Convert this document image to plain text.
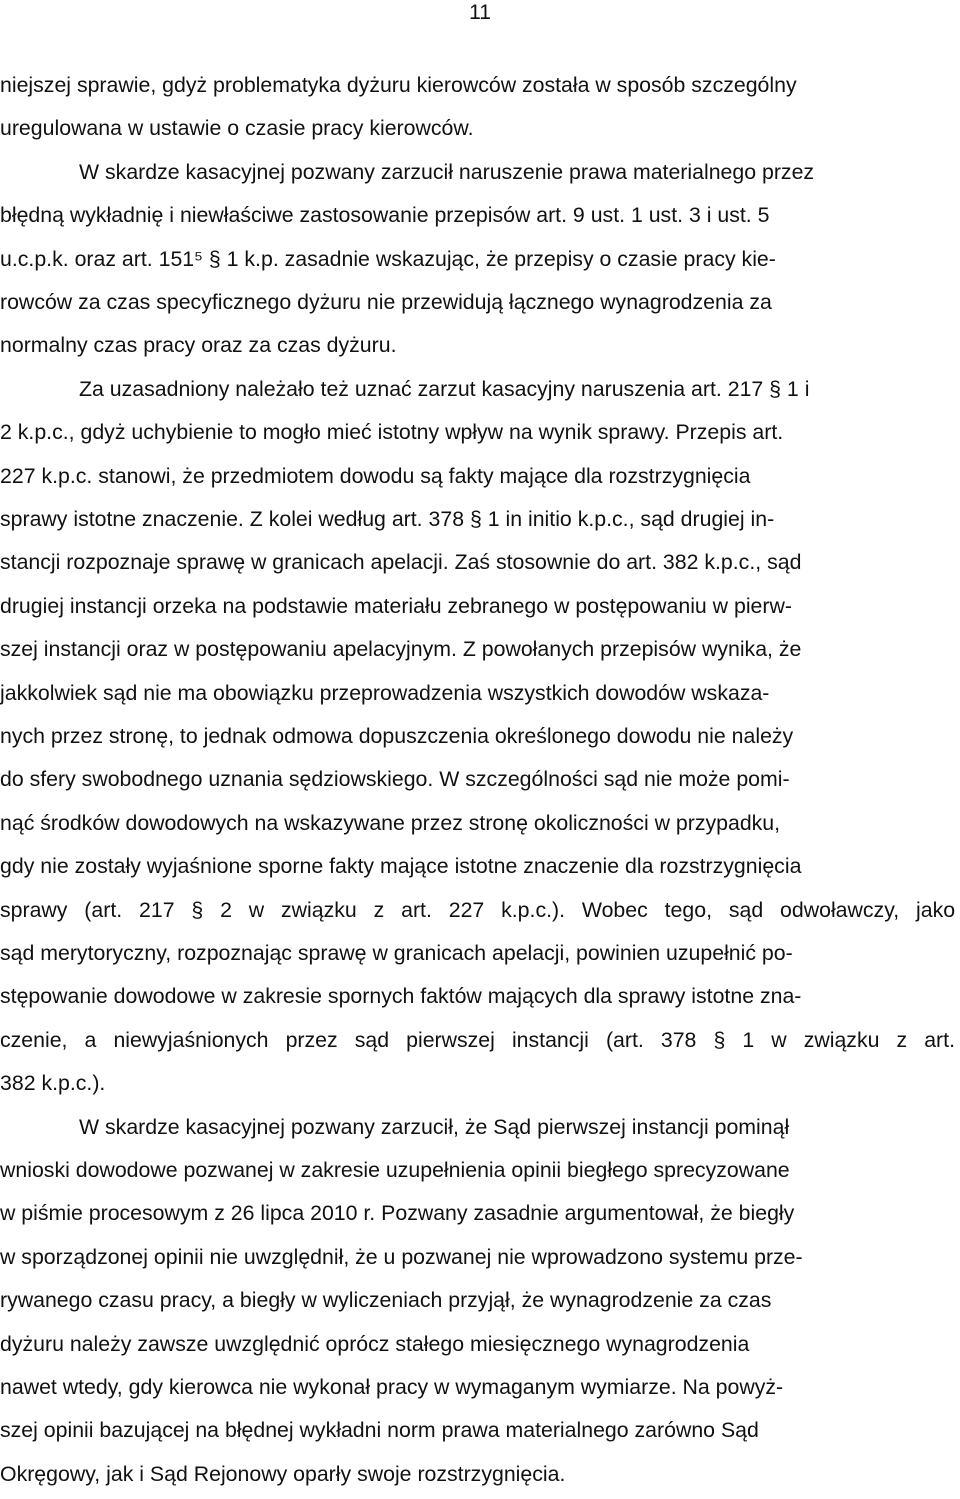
11
niejszej sprawie, gdyż problematyka dyżuru kierowców została w sposób szczególny
uregulowana w ustawie o czasie pracy kierowców.
W skardze kasacyjnej pozwany zarzucił naruszenie prawa materialnego przez
błędną wykładnię i niewłaściwe zastosowanie przepisów art. 9 ust. 1 ust. 3 i ust. 5
u.c.p.k. oraz art. 151⁵ § 1 k.p. zasadnie wskazując, że przepisy o czasie pracy kie-
rowców za czas specyficznego dyżuru nie przewidują łącznego wynagrodzenia za
normalny czas pracy oraz za czas dyżuru.
Za uzasadniony należało też uznać zarzut kasacyjny naruszenia art. 217 § 1 i
2 k.p.c., gdyż uchybienie to mogło mieć istotny wpływ na wynik sprawy. Przepis art.
227 k.p.c. stanowi, że przedmiotem dowodu są fakty mające dla rozstrzygnięcia
sprawy istotne znaczenie. Z kolei według art. 378 § 1 in initio k.p.c., sąd drugiej in-
stancji rozpoznaje sprawę w granicach apelacji. Zaś stosownie do art. 382 k.p.c., sąd
drugiej instancji orzeka na podstawie materiału zebranego w postępowaniu w pierw-
szej instancji oraz w postępowaniu apelacyjnym. Z powołanych przepisów wynika, że
jakkolwiek sąd nie ma obowiązku przeprowadzenia wszystkich dowodów wskaza-
nych przez stronę, to jednak odmowa dopuszczenia określonego dowodu nie należy
do sfery swobodnego uznania sędziowskiego. W szczególności sąd nie może pomi-
nąć środków dowodowych na wskazywane przez stronę okoliczności w przypadku,
gdy nie zostały wyjaśnione sporne fakty mające istotne znaczenie dla rozstrzygnięcia
sprawy (art. 217 § 2 w związku z art. 227 k.p.c.). Wobec tego, sąd odwoławczy, jako
sąd merytoryczny, rozpoznając sprawę w granicach apelacji, powinien uzupełnić po-
stępowanie dowodowe w zakresie spornych faktów mających dla sprawy istotne zna-
czenie, a niewyjaśnionych przez sąd pierwszej instancji (art. 378 § 1 w związku z art.
382 k.p.c.).
W skardze kasacyjnej pozwany zarzucił, że Sąd pierwszej instancji pominął
wnioski dowodowe pozwanej w zakresie uzupełnienia opinii biegłego sprecyzowane
w piśmie procesowym z 26 lipca 2010 r. Pozwany zasadnie argumentował, że biegły
w sporządzonej opinii nie uwzględnił, że u pozwanej nie wprowadzono systemu prze-
rywanego czasu pracy, a biegły w wyliczeniach przyjął, że wynagrodzenie za czas
dyżuru należy zawsze uwzględnić oprócz stałego miesięcznego wynagrodzenia
nawet wtedy, gdy kierowca nie wykonał pracy w wymaganym wymiarze. Na powyż-
szej opinii bazującej na błędnej wykładni norm prawa materialnego zarówno Sąd
Okręgowy, jak i Sąd Rejonowy oparły swoje rozstrzygnięcia.
